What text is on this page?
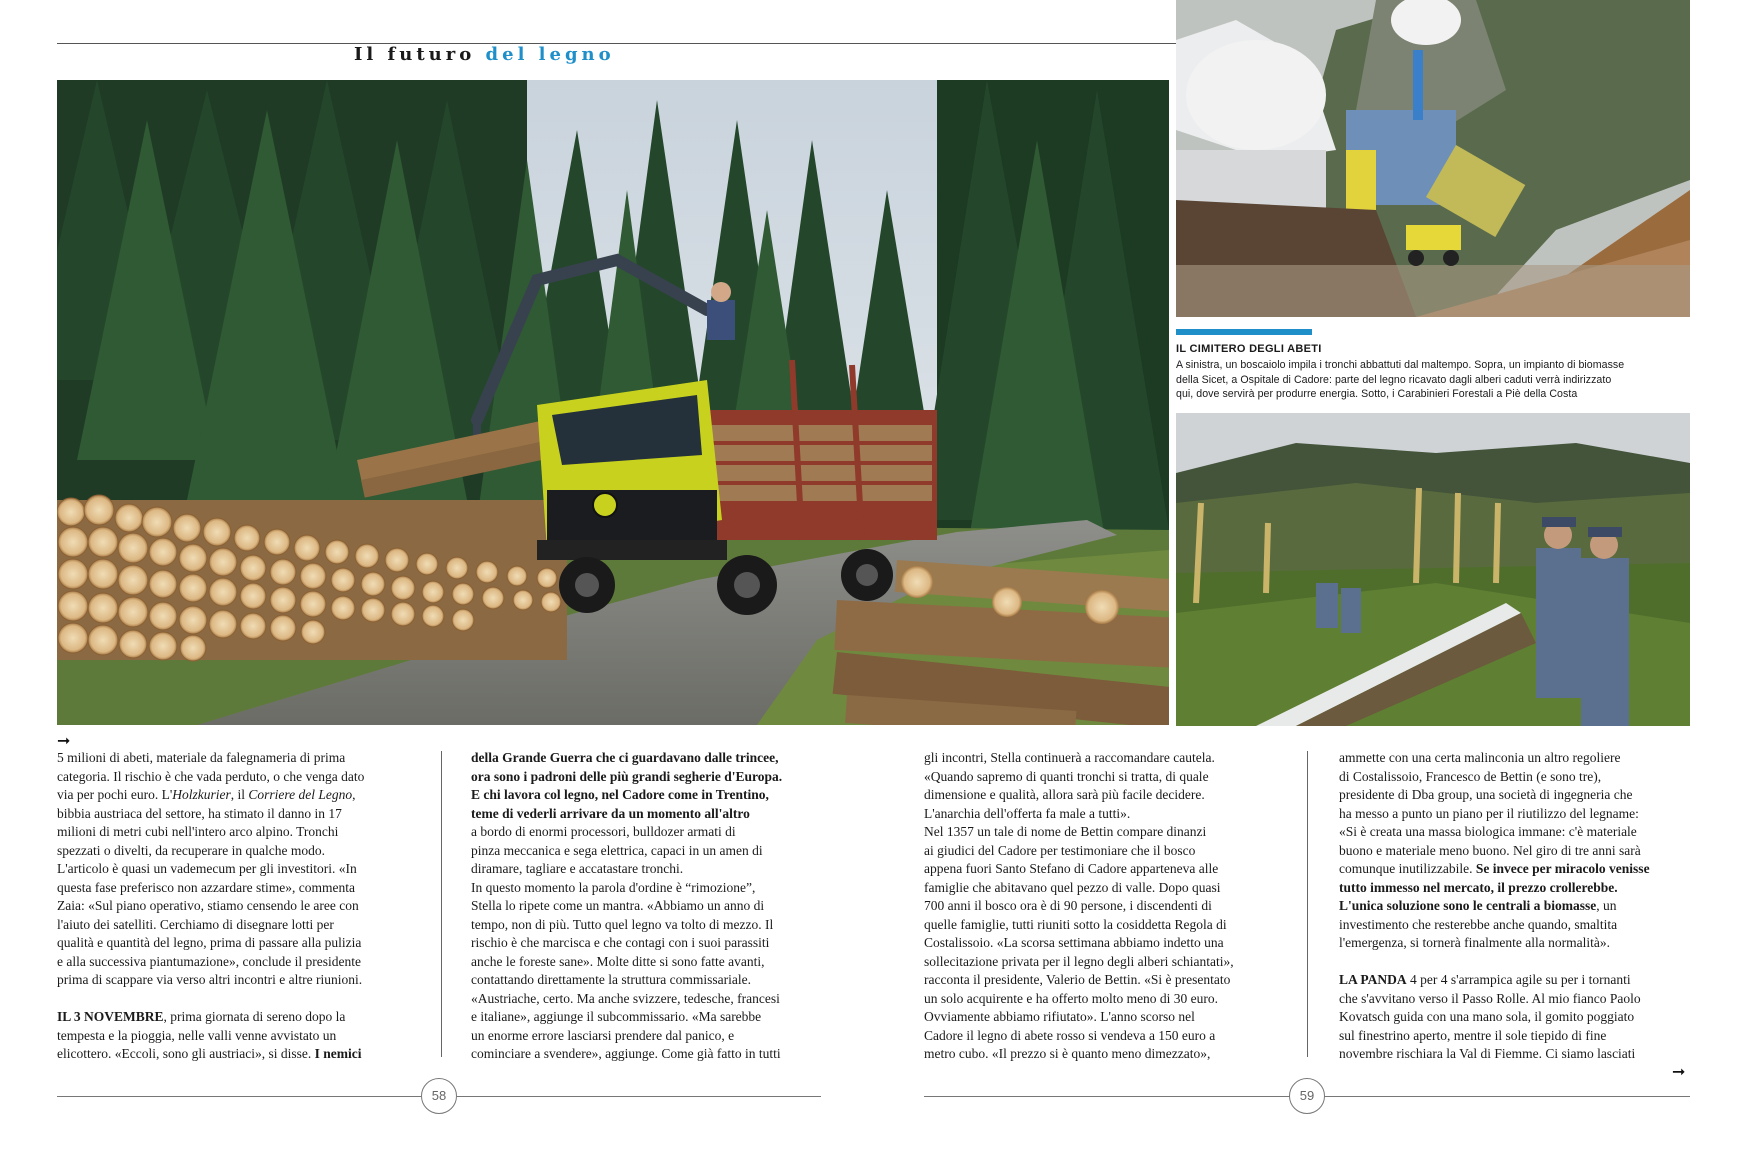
Il futuro del legno
IL CIMITERO DEGLI ABETI
A sinistra, un boscaiolo impila i tronchi abbattuti dal maltempo. Sopra, un impianto di biomasse
della Sicet, a Ospitale di Cadore: parte del legno ricavato dagli alberi caduti verrà indirizzato
qui, dove servirà per produrre energia. Sotto, i Carabinieri Forestali a Piè della Costa
➞
5 milioni di abeti, materiale da falegnameria di prima
categoria. Il rischio è che vada perduto, o che venga dato
via per pochi euro. L'Holzkurier, il Corriere del Legno,
bibbia austriaca del settore, ha stimato il danno in 17
milioni di metri cubi nell'intero arco alpino. Tronchi
spezzati o divelti, da recuperare in qualche modo.
L'articolo è quasi un vademecum per gli investitori. «In
questa fase preferisco non azzardare stime», commenta
Zaia: «Sul piano operativo, stiamo censendo le aree con
l'aiuto dei satelliti. Cerchiamo di disegnare lotti per
qualità e quantità del legno, prima di passare alla pulizia
e alla successiva piantumazione», conclude il presidente
prima di scappare via verso altri incontri e altre riunioni.
IL 3 NOVEMBRE, prima giornata di sereno dopo la
tempesta e la pioggia, nelle valli venne avvistato un
elicottero. «Eccoli, sono gli austriaci», si disse. I nemici
della Grande Guerra che ci guardavano dalle trincee,
ora sono i padroni delle più grandi segherie d'Europa.
E chi lavora col legno, nel Cadore come in Trentino,
teme di vederli arrivare da un momento all'altro
a bordo di enormi processori, bulldozer armati di
pinza meccanica e sega elettrica, capaci in un amen di
diramare, tagliare e accatastare tronchi.
In questo momento la parola d'ordine è “rimozione”,
Stella lo ripete come un mantra. «Abbiamo un anno di
tempo, non di più. Tutto quel legno va tolto di mezzo. Il
rischio è che marcisca e che contagi con i suoi parassiti
anche le foreste sane». Molte ditte si sono fatte avanti,
contattando direttamente la struttura commissariale.
«Austriache, certo. Ma anche svizzere, tedesche, francesi
e italiane», aggiunge il subcommissario. «Ma sarebbe
un enorme errore lasciarsi prendere dal panico, e
cominciare a svendere», aggiunge. Come già fatto in tutti
gli incontri, Stella continuerà a raccomandare cautela.
«Quando sapremo di quanti tronchi si tratta, di quale
dimensione e qualità, allora sarà più facile decidere.
L'anarchia dell'offerta fa male a tutti».
Nel 1357 un tale di nome de Bettin compare dinanzi
ai giudici del Cadore per testimoniare che il bosco
appena fuori Santo Stefano di Cadore apparteneva alle
famiglie che abitavano quel pezzo di valle. Dopo quasi
700 anni il bosco ora è di 90 persone, i discendenti di
quelle famiglie, tutti riuniti sotto la cosiddetta Regola di
Costalissoio. «La scorsa settimana abbiamo indetto una
sollecitazione privata per il legno degli alberi schiantati»,
racconta il presidente, Valerio de Bettin. «Si è presentato
un solo acquirente e ha offerto molto meno di 30 euro.
Ovviamente abbiamo rifiutato». L'anno scorso nel
Cadore il legno di abete rosso si vendeva a 150 euro a
metro cubo. «Il prezzo si è quanto meno dimezzato»,
ammette con una certa malinconia un altro regoliere
di Costalissoio, Francesco de Bettin (e sono tre),
presidente di Dba group, una società di ingegneria che
ha messo a punto un piano per il riutilizzo del legname:
«Si è creata una massa biologica immane: c'è materiale
buono e materiale meno buono. Nel giro di tre anni sarà
comunque inutilizzabile. Se invece per miracolo venisse
tutto immesso nel mercato, il prezzo crollerebbe.
L'unica soluzione sono le centrali a biomasse, un
investimento che resterebbe anche quando, smaltita
l'emergenza, si tornerà finalmente alla normalità».
LA PANDA 4 per 4 s'arrampica agile su per i tornanti
che s'avvitano verso il Passo Rolle. Al mio fianco Paolo
Kovatsch guida con una mano sola, il gomito poggiato
sul finestrino aperto, mentre il sole tiepido di fine
novembre rischiara la Val di Fiemme. Ci siamo lasciati
➞
58	59
